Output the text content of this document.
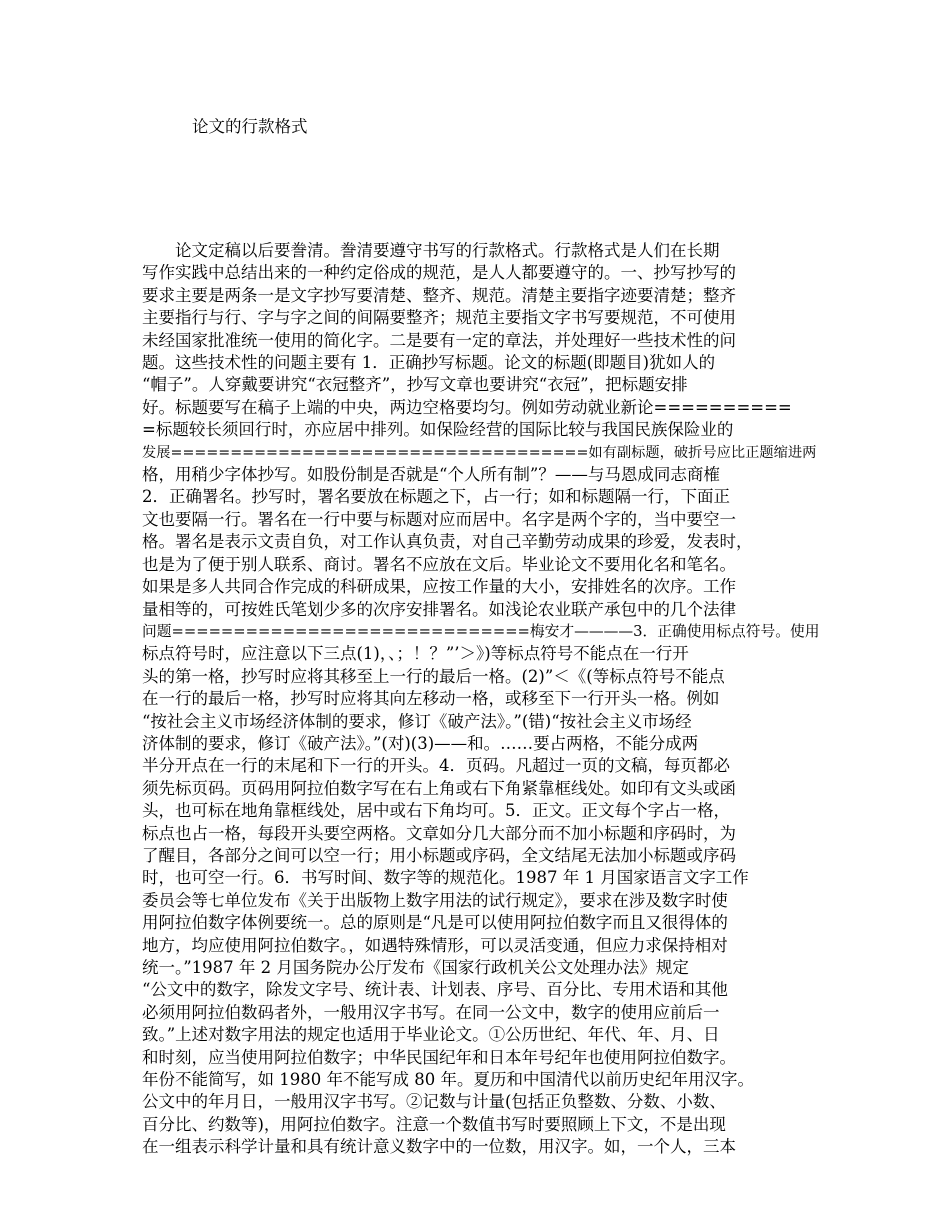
论文的行款格式
　　论文定稿以后要誊清。誊清要遵守书写的行款格式。行款格式是人们在长期
写作实践中总结出来的一种约定俗成的规范，是人人都要遵守的。一、抄写抄写的
要求主要是两条一是文字抄写要清楚、整齐、规范。清楚主要指字迹要清楚；整齐
主要指行与行、字与字之间的间隔要整齐；规范主要指文字书写要规范，不可使用
未经国家批准统一使用的简化字。二是要有一定的章法，并处理好一些技术性的问
题。这些技术性的问题主要有 1．正确抄写标题。论文的标题(即题目)犹如人的
“帽子”。人穿戴要讲究“衣冠整齐”，抄写文章也要讲究“衣冠”，把标题安排
好。标题要写在稿子上端的中央，两边空格要均匀。例如劳动就业新论==========
=标题较长须回行时，亦应居中排列。如保险经营的国际比较与我国民族保险业的
发展===================================如有副标题，破折号应比正题缩进两
格，用稍少字体抄写。如股份制是否就是“个人所有制”？——与马恩成同志商榷
2．正确署名。抄写时，署名要放在标题之下，占一行；如和标题隔一行，下面正
文也要隔一行。署名在一行中要与标题对应而居中。名字是两个字的，当中要空一
格。署名是表示文责自负，对工作认真负责，对自己辛勤劳动成果的珍爱，发表时，
也是为了便于别人联系、商讨。署名不应放在文后。毕业论文不要用化名和笔名。
如果是多人共同合作完成的科研成果，应按工作量的大小，安排姓名的次序。工作
量相等的，可按姓氏笔划少多的次序安排署名。如浅论农业联产承包中的几个法律
问题=============================梅安才————3．正确使用标点符号。使用
标点符号时，应注意以下三点(1)，、；！？”’＞》)等标点符号不能点在一行开
头的第一格，抄写时应将其移至上一行的最后一格。(2)”＜《(等标点符号不能点
在一行的最后一格，抄写时应将其向左移动一格，或移至下一行开头一格。例如
“按社会主义市场经济体制的要求，修订《破产法》。”(错)“按社会主义市场经
济体制的要求，修订《破产法》。”(对)(3)——和。……要占两格，不能分成两
半分开点在一行的末尾和下一行的开头。4．页码。凡超过一页的文稿，每页都必
须先标页码。页码用阿拉伯数字写在右上角或右下角紧靠框线处。如印有文头或函
头，也可标在地角靠框线处，居中或右下角均可。5．正文。正文每个字占一格，
标点也占一格，每段开头要空两格。文章如分几大部分而不加小标题和序码时，为
了醒目，各部分之间可以空一行；用小标题或序码，全文结尾无法加小标题或序码
时，也可空一行。6．书写时间、数字等的规范化。1987 年 1 月国家语言文字工作
委员会等七单位发布《关于出版物上数字用法的试行规定》，要求在涉及数字时使
用阿拉伯数字体例要统一。总的原则是“凡是可以使用阿拉伯数字而且又很得体的
地方，均应使用阿拉伯数字。，如遇特殊情形，可以灵活变通，但应力求保持相对
统一。”1987 年 2 月国务院办公厅发布《国家行政机关公文处理办法》规定
“公文中的数字，除发文字号、统计表、计划表、序号、百分比、专用术语和其他
必须用阿拉伯数码者外，一般用汉字书写。在同一公文中，数字的使用应前后一
致。”上述对数字用法的规定也适用于毕业论文。①公历世纪、年代、年、月、日
和时刻，应当使用阿拉伯数字；中华民国纪年和日本年号纪年也使用阿拉伯数字。
年份不能简写，如 1980 年不能写成 80 年。夏历和中国清代以前历史纪年用汉字。
公文中的年月日，一般用汉字书写。②记数与计量(包括正负整数、分数、小数、
百分比、约数等)，用阿拉伯数字。注意一个数值书写时要照顾上下文，不是出现
在一组表示科学计量和具有统计意义数字中的一位数，用汉字。如，一个人，三本
